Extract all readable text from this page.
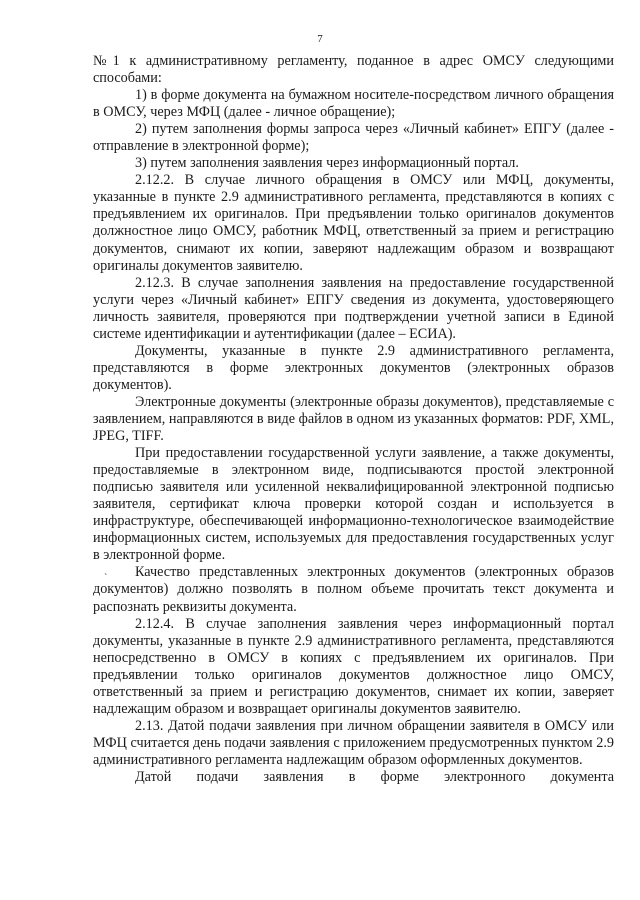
7

№1 к административному регламенту, поданное в адрес ОМСУ следующими способами:

1) в форме документа на бумажном носителе-посредством личного обращения в ОМСУ, через МФЦ (далее - личное обращение);

2) путем заполнения формы запроса через «Личный кабинет» ЕПГУ (далее - отправление в электронной форме);

3) путем заполнения заявления через информационный портал.

2.12.2. В случае личного обращения в ОМСУ или МФЦ, документы, указанные в пункте 2.9 административного регламента, представляются в копиях с предъявлением их оригиналов. При предъявлении только оригиналов документов должностное лицо ОМСУ, работник МФЦ, ответственный за прием и регистрацию документов, снимают их копии, заверяют надлежащим образом и возвращают оригиналы документов заявителю.

2.12.3. В случае заполнения заявления на предоставление государственной услуги через «Личный кабинет» ЕПГУ сведения из документа, удостоверяющего личность заявителя, проверяются при подтверждении учетной записи в Единой системе идентификации и аутентификации (далее – ЕСИА).

Документы, указанные в пункте 2.9 административного регламента, представляются в форме электронных документов (электронных образов документов).

Электронные документы (электронные образы документов), представляемые с заявлением, направляются в виде файлов в одном из указанных форматов: PDF, XML, JPEG, TIFF.

При предоставлении государственной услуги заявление, а также документы, предоставляемые в электронном виде, подписываются простой электронной подписью заявителя или усиленной неквалифицированной электронной подписью заявителя, сертификат ключа проверки которой создан и используется в инфраструктуре, обеспечивающей информационно-технологическое взаимодействие информационных систем, используемых для предоставления государственных услуг в электронной форме.

Качество представленных электронных документов (электронных образов документов) должно позволять в полном объеме прочитать текст документа и распознать реквизиты документа.

2.12.4. В случае заполнения заявления через информационный портал документы, указанные в пункте 2.9 административного регламента, представляются непосредственно в ОМСУ в копиях с предъявлением их оригиналов. При предъявлении только оригиналов документов должностное лицо ОМСУ, ответственный за прием и регистрацию документов, снимает их копии, заверяет надлежащим образом и возвращает оригиналы документов заявителю.

2.13. Датой подачи заявления при личном обращении заявителя в ОМСУ или МФЦ считается день подачи заявления с приложением предусмотренных пунктом 2.9 административного регламента надлежащим образом оформленных документов.

Датой подачи заявления в форме электронного документа

`
